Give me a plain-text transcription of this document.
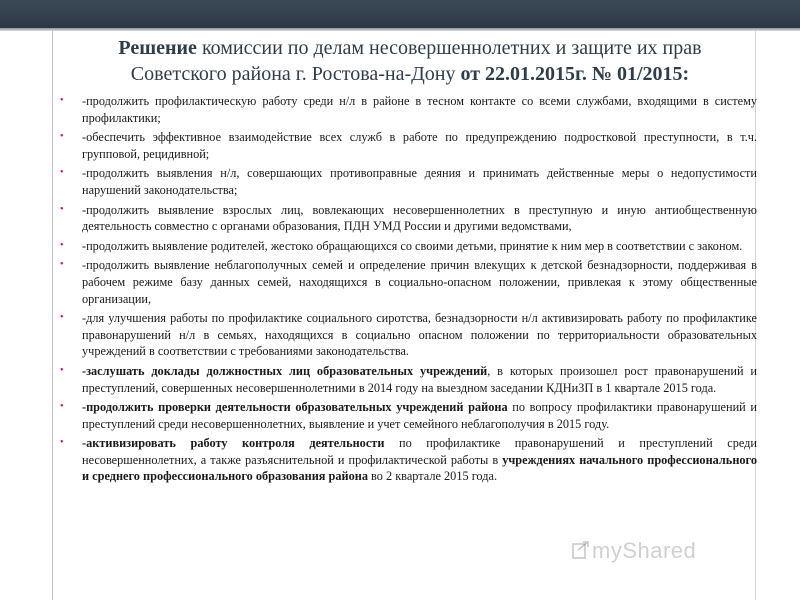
Решение комиссии по делам несовершеннолетних и защите их прав
Советского района г. Ростова-на-Дону от 22.01.2015г. № 01/2015:
• -продолжить профилактическую работу среди н/л в районе в тесном контакте со всеми службами, входящими в систему профилактики;
• -обеспечить эффективное взаимодействие всех служб в работе по предупреждению подростковой преступности, в т.ч. групповой, рецидивной;
• -продолжить выявления н/л, совершающих противоправные деяния и принимать действенные меры о недопустимости нарушений законодательства;
• -продолжить выявление взрослых лиц, вовлекающих несовершеннолетних в преступную и иную антиобщественную деятельность совместно с органами образования, ПДН УМД России и другими ведомствами,
• -продолжить выявление родителей, жестоко обращающихся со своими детьми, принятие к ним мер в соответствии с законом.
• -продолжить выявление неблагополучных семей и определение причин влекущих к детской безнадзорности, поддерживая в рабочем режиме базу данных семей, находящихся в социально-опасном положении, привлекая к этому общественные организации,
• -для улучшения работы по профилактике социального сиротства, безнадзорности н/л активизировать работу по профилактике правонарушений н/л в семьях, находящихся в социально опасном положении по территориальности образовательных учреждений в соответствии с требованиями законодательства.
• -заслушать доклады должностных лиц образовательных учреждений, в которых произошел рост правонарушений и преступлений, совершенных несовершеннолетними в 2014 году на выездном заседании КДНиЗП в 1 квартале 2015 года.
• -продолжить проверки деятельности образовательных учреждений района по вопросу профилактики правонарушений и преступлений среди несовершеннолетних, выявление и учет семейного неблагополучия в 2015 году.
• -активизировать работу контроля деятельности по профилактике правонарушений и преступлений среди несовершеннолетних, а также разъяснительной и профилактической работы в учреждениях начального профессионального и среднего профессионального образования района во 2 квартале 2015 года.
myShared
